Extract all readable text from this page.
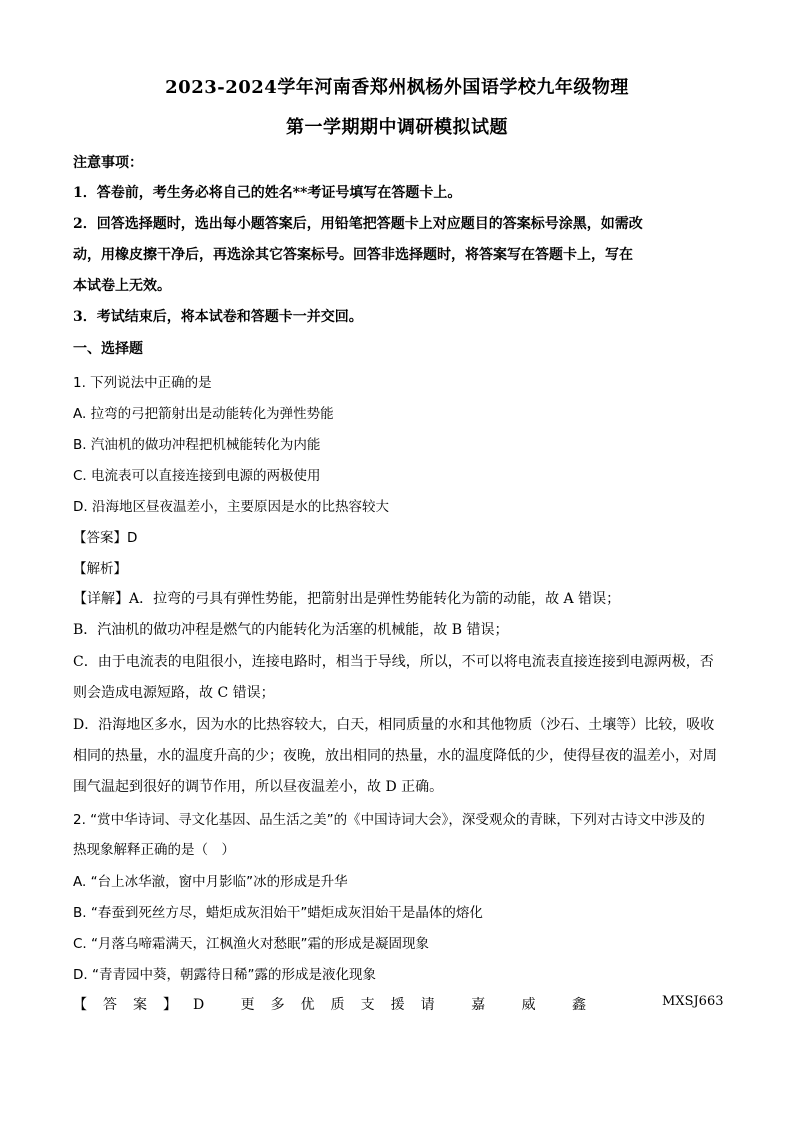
2023-2024学年河南香郑州枫杨外国语学校九年级物理
第一学期期中调研模拟试题
注意事项：
1．答卷前，考生务必将自己的姓名**考证号填写在答题卡上。
2．回答选择题时，选出每小题答案后，用铅笔把答题卡上对应题目的答案标号涂黑，如需改
动，用橡皮擦干净后，再选涂其它答案标号。回答非选择题时，将答案写在答题卡上，写在
本试卷上无效。
3．考试结束后，将本试卷和答题卡一并交回。
一、选择题
1. 下列说法中正确的是
A. 拉弯的弓把箭射出是动能转化为弹性势能
B. 汽油机的做功冲程把机械能转化为内能
C. 电流表可以直接连接到电源的两极使用
D. 沿海地区昼夜温差小，主要原因是水的比热容较大
【答案】D
【解析】
【详解】A．拉弯的弓具有弹性势能，把箭射出是弹性势能转化为箭的动能，故 A 错误；
B．汽油机的做功冲程是燃气的内能转化为活塞的机械能，故 B 错误；
C．由于电流表的电阻很小，连接电路时，相当于导线，所以，不可以将电流表直接连接到电源两极，否
则会造成电源短路，故 C 错误；
D．沿海地区多水，因为水的比热容较大，白天，相同质量的水和其他物质（沙石、土壤等）比较，吸收
相同的热量，水的温度升高的少；夜晚，放出相同的热量，水的温度降低的少，使得昼夜的温差小，对周
围气温起到很好的调节作用，所以昼夜温差小，故 D 正确。
2. “赏中华诗词、寻文化基因、品生活之美”的《中国诗词大会》，深受观众的青睐，下列对古诗文中涉及的
热现象解释正确的是（　）
A. “台上冰华澈，窗中月影临”冰的形成是升华
B. “春蚕到死丝方尽，蜡炬成灰泪始干”蜡炬成灰泪始干是晶体的熔化
C. “月落乌啼霜满天，江枫渔火对愁眠”霜的形成是凝固现象
D. “青青园中葵，朝露待日稀”露的形成是液化现象
【答案】D 更多优质支援请 嘉 威 鑫	MXSJ663
